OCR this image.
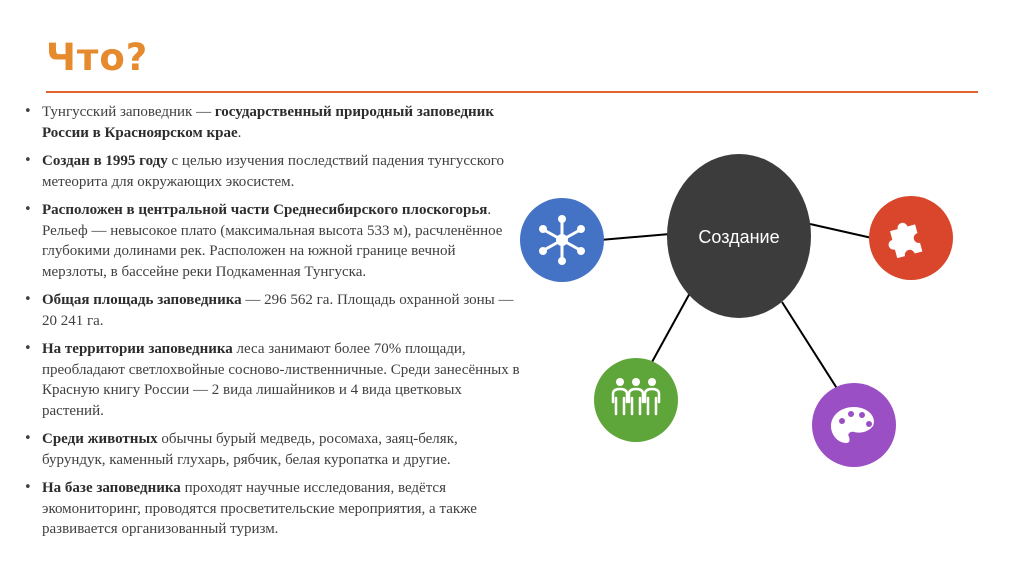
Что?
• Тунгусский заповедник — государственный природный заповедник России в Красноярском крае.
• Создан в 1995 году с целью изучения последствий падения тунгусского метеорита для окружающих экосистем.
• Расположен в центральной части Среднесибирского плоскогорья. Рельеф — невысокое плато (максимальная высота 533 м), расчленённое глубокими долинами рек. Расположен на южной границе вечной мерзлоты, в бассейне реки Подкаменная Тунгуска.
• Общая площадь заповедника — 296 562 га. Площадь охранной зоны — 20 241 га.
• На территории заповедника леса занимают более 70% площади, преобладают светлохвойные сосново-лиственничные. Среди занесённых в Красную книгу России — 2 вида лишайников и 4 вида цветковых растений.
• Среди животных обычны бурый медведь, росомаха, заяц-беляк, бурундук, каменный глухарь, рябчик, белая куропатка и другие.
• На базе заповедника проходят научные исследования, ведётся экомониторинг, проводятся просветительские мероприятия, а также развивается организованный туризм.
Создание
